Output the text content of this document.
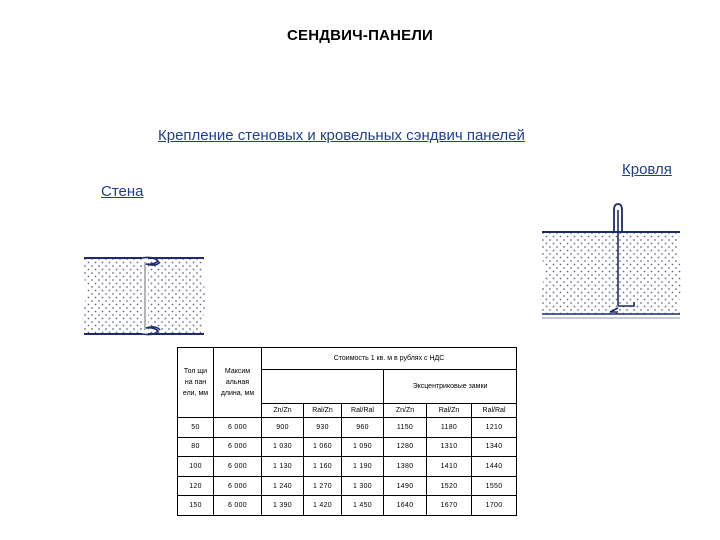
СЕНДВИЧ-ПАНЕЛИ
Крепление стеновых и кровельных сэндвич панелей
Кровля
Стена
Тол щи на пан ели, мм	Максим альная длина, мм	Стоимость 1 кв. м в рублях с НДС					
					Эксцентриковые замки		
		Zn/Zn	Ral/Zn	Ral/Ral	Zn/Zn	Ral/Zn	Ral/Ral
50	6 000	900	930	960	1150	1180	1210
80	6 000	1 030	1 060	1 090	1280	1310	1340
100	6 000	1 130	1 160	1 190	1380	1410	1440
120	6 000	1 240	1 270	1 300	1490	1520	1550
150	6 000	1 390	1 420	1 450	1640	1670	1700
